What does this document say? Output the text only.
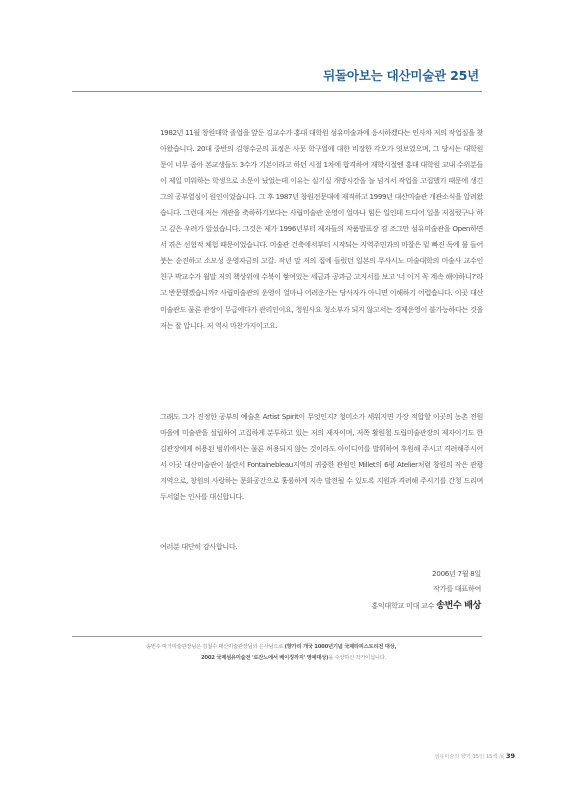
뒤돌아보는 대산미술관 25년

1982년 11월 창원대학 졸업을 앞둔 김교수가 홍대 대학원 섬유미술과에 응시하겠다는 인사차 저의 작업실을 찾아왔습니다. 20대 중반의 김형수군의 표정은 사뭇 학구열에 대한 비장한 각오가 엿보였으며, 그 당시는 대학원 문이 너무 좁아 본교생들도 3수가 기본이라고 하던 시절 1차에 합격하여 재학시절엔 홍대 대학원 교내 수위분들이 제일 미워하는 학생으로 소문이 났었는데 이유는 실기실 개방시간을 늘 넘겨서 작업을 고집했기 때문에 생긴 그의 공부열심이 원인이었습니다. 그 후 1987년 창원전문대에 재직하고 1999년 대산미술관 개관소식을 알려왔습니다. 그런데 저는 개관을 축하하기보다는 사립미술관 운영이 얼마나 힘든 일인데 드디어 일을 저질렀구나 하고 깊은 우려가 앞섰습니다. 그것은 제가 1996년부터 제자들의 작품발표장 겸 조그만 섬유미술관을 Open하면서 겪은 선험적 체험 때문이었습니다. 미술관 건축에서부터 시작되는 지역주민과의 마찰은 밑 빠진 독에 물 들어 붓는 순진하고 소모성 운영자금의 고갈. 작년 말 저의 집에 들렀던 일본의 무사시노 미술대학의 미술사 교수인 친구 박교수가 월말 저의 책상위에 수북이 쌓여있는 세금과 공과금 고지서를 보고 '너 이거 꼭 계속 해야하니?'라고 반문했겠습니까? 사립미술관의 운영이 얼마나 어려운가는 당사자가 아니면 이해하기 어렵습니다. 이곳 대산미술관도 물론 관장이 무급에다가 관리인이요, 청원사요 청소부가 되지 않고서는 경제운영이 불가능하다는 것을 저는 잘 압니다. 저 역시 마찬가지이고요.

그래도 그가 진정한 공부의 예술혼 Artist Spirit이 무엇인지? 청미소가 세워지면 가장 적합할 이곳의 농촌 전원마을에 미술관을 설립하여 고집하게 분투하고 있는 저의 제자이며, 저쪽 활원철 도립미술관장의 제자이기도 한 김관장에게 허용된 범위에서는 물론 허용되지 않는 것이라도 아이디어를 발휘하여 후원해 주시고 격려해주시어서 이곳 대산미술관이 불란서 Fontainebleau지역의 귀중한 관원인 Millet의 6평 Atelier처럼 창원의 작은 관광지역으로, 창원의 사랑하는 문화공간으로 훌륭하게 지속 발전될 수 있도록 지원과 격려해 주시기를 간청 드리며 두서없는 인사를 대신합니다.

여러분 대단히 감사합니다.

2006년 7월 8일
작가를 대표하여
홍익대학교 미대 교수 송번수 배상
송번수 마가미술관장님은 김철수 대산미술관장님의 은사님으로 (향가리 개국 1000년기념 국제타피스트리전 대상,
2002 국제섬유미술전 '로잔느에서 베이징까지' 영예대상)을 수상하신 작가이십니다.
섬유미술의 향기 15인 15색 展 39
